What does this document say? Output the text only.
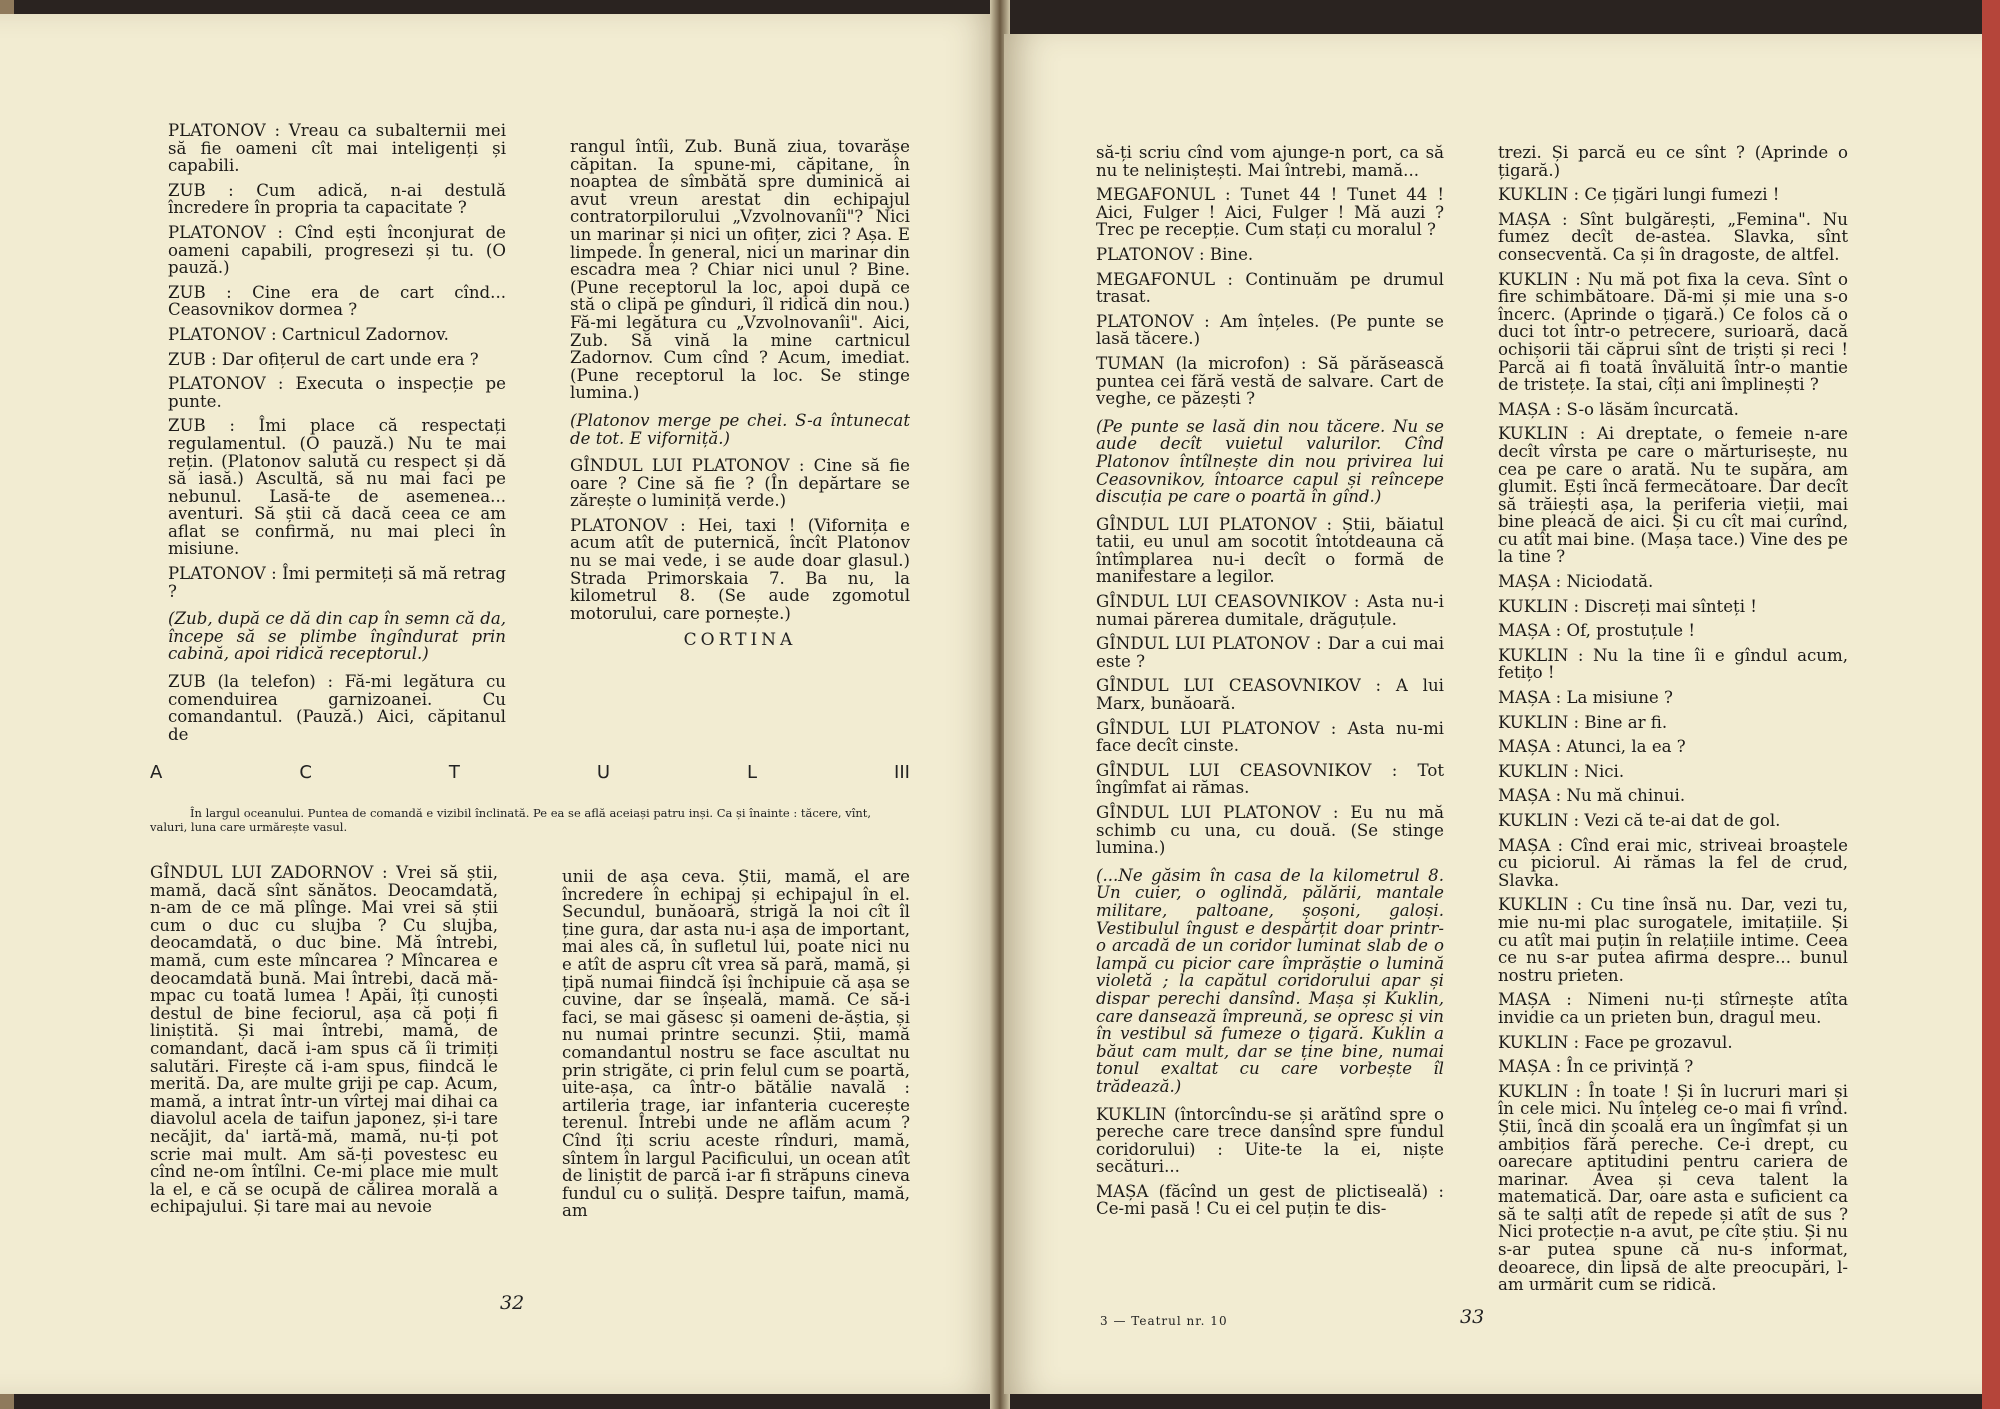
PLATONOV : Vreau ca subalternii mei să fie oameni cît mai inteligenți și capabili.

ZUB : Cum adică, n-ai destulă încredere în propria ta capacitate ?

PLATONOV : Cînd ești înconjurat de oameni capabili, progresezi și tu. (O pauză.)

ZUB : Cine era de cart cînd... Ceasovnikov dormea ?

PLATONOV : Cartnicul Zadornov.

ZUB : Dar ofițerul de cart unde era ?

PLATONOV : Executa o inspecție pe punte.

ZUB : Îmi place că respectați regulamentul. (O pauză.) Nu te mai rețin. (Platonov salută cu respect și dă să iasă.) Ascultă, să nu mai faci pe nebunul. Lasă-te de asemenea... aventuri. Să știi că dacă ceea ce am aflat se confirmă, nu mai pleci în misiune.

PLATONOV : Îmi permiteți să mă retrag ?

(Zub, după ce dă din cap în semn că da, începe să se plimbe îngîndurat prin cabină, apoi ridică receptorul.)

ZUB (la telefon) : Fă-mi legătura cu comenduirea garnizoanei. Cu comandantul. (Pauză.) Aici, căpitanul de

rangul întîi, Zub. Bună ziua, tovarășe căpitan. Ia spune-mi, căpitane, în noaptea de sîmbătă spre duminică ai avut vreun arestat din echipajul contratorpilorului „Vzvolnovanîi"? Nici un marinar și nici un ofițer, zici ? Așa. E limpede. În general, nici un marinar din escadra mea ? Chiar nici unul ? Bine. (Pune receptorul la loc, apoi după ce stă o clipă pe gînduri, îl ridică din nou.) Fă-mi legătura cu „Vzvolnovanîi". Aici, Zub. Să vină la mine cartnicul Zadornov. Cum cînd ? Acum, imediat. (Pune receptorul la loc. Se stinge lumina.)

(Platonov merge pe chei. S-a întunecat de tot. E viforniță.)

GÎNDUL LUI PLATONOV : Cine să fie oare ? Cine să fie ? (În depărtare se zărește o luminiță verde.)

PLATONOV : Hei, taxi ! (Vifornița e acum atît de puternică, încît Platonov nu se mai vede, i se aude doar glasul.) Strada Primorskaia 7. Ba nu, la kilometrul 8. (Se aude zgomotul motorului, care pornește.)

CORTINA

A	C	T	U	L	III
În largul oceanului. Puntea de comandă e vizibil înclinată. Pe ea se află aceiași patru inși. Ca și înainte : tăcere, vînt, valuri, luna care urmărește vasul.

GÎNDUL LUI ZADORNOV : Vrei să știi, mamă, dacă sînt sănătos. Deocamdată, n-am de ce mă plînge. Mai vrei să știi cum o duc cu slujba ? Cu slujba, deocamdată, o duc bine. Mă întrebi, mamă, cum este mîncarea ? Mîncarea e deocamdată bună. Mai întrebi, dacă mă-mpac cu toată lumea ! Apăi, îți cunoști destul de bine feciorul, așa că poți fi liniștită. Și mai întrebi, mamă, de comandant, dacă i-am spus că îi trimiți salutări. Firește că i-am spus, fiindcă le merită. Da, are multe griji pe cap. Acum, mamă, a intrat într-un vîrtej mai dihai ca diavolul acela de taifun japonez, și-i tare necăjit, da' iartă-mă, mamă, nu-ți pot scrie mai mult. Am să-ți povestesc eu cînd ne-om întîlni. Ce-mi place mie mult la el, e că se ocupă de călirea morală a echipajului. Și tare mai au nevoie

unii de așa ceva. Știi, mamă, el are încredere în echipaj și echipajul în el. Secundul, bunăoară, strigă la noi cît îl ține gura, dar asta nu-i așa de important, mai ales că, în sufletul lui, poate nici nu e atît de aspru cît vrea să pară, mamă, și țipă numai fiindcă își închipuie că așa se cuvine, dar se înșeală, mamă. Ce să-i faci, se mai găsesc și oameni de-ăștia, și nu numai printre secunzi. Știi, mamă comandantul nostru se face ascultat nu prin strigăte, ci prin felul cum se poartă, uite-așa, ca într-o bătălie navală : artileria trage, iar infanteria cucerește terenul. Întrebi unde ne aflăm acum ? Cînd îți scriu aceste rînduri, mamă, sîntem în largul Pacificului, un ocean atît de liniștit de parcă i-ar fi străpuns cineva fundul cu o suliță. Despre taifun, mamă, am

32

să-ți scriu cînd vom ajunge-n port, ca să nu te neliniștești. Mai întrebi, mamă...

MEGAFONUL : Tunet 44 ! Tunet 44 ! Aici, Fulger ! Aici, Fulger ! Mă auzi ? Trec pe recepție. Cum stați cu moralul ?

PLATONOV : Bine.

MEGAFONUL : Continuăm pe drumul trasat.

PLATONOV : Am înțeles. (Pe punte se lasă tăcere.)

TUMAN (la microfon) : Să părăsească puntea cei fără vestă de salvare. Cart de veghe, ce păzești ?

(Pe punte se lasă din nou tăcere. Nu se aude decît vuietul valurilor. Cînd Platonov întîlnește din nou privirea lui Ceasovnikov, întoarce capul și reîncepe discuția pe care o poartă în gînd.)

GÎNDUL LUI PLATONOV : Știi, băiatul tatii, eu unul am socotit întotdeauna că întîmplarea nu-i decît o formă de manifestare a legilor.

GÎNDUL LUI CEASOVNIKOV : Asta nu-i numai părerea dumitale, drăguțule.

GÎNDUL LUI PLATONOV : Dar a cui mai este ?

GÎNDUL LUI CEASOVNIKOV : A lui Marx, bunăoară.

GÎNDUL LUI PLATONOV : Asta nu-mi face decît cinste.

GÎNDUL LUI CEASOVNIKOV : Tot îngîmfat ai rămas.

GÎNDUL LUI PLATONOV : Eu nu mă schimb cu una, cu două. (Se stinge lumina.)

(...Ne găsim în casa de la kilometrul 8. Un cuier, o oglindă, pălării, mantale militare, paltoane, șoșoni, galoși. Vestibulul îngust e despărțit doar printr-o arcadă de un coridor luminat slab de o lampă cu picior care împrăștie o lumină violetă ; la capătul coridorului apar și dispar perechi dansînd. Mașa și Kuklin, care dansează împreună, se opresc și vin în vestibul să fumeze o țigară. Kuklin a băut cam mult, dar se ține bine, numai tonul exaltat cu care vorbește îl trădează.)

KUKLIN (întorcîndu-se și arătînd spre o pereche care trece dansînd spre fundul coridorului) : Uite-te la ei, niște secături...

MAȘA (făcînd un gest de plictiseală) : Ce-mi pasă ! Cu ei cel puțin te dis-

trezi. Și parcă eu ce sînt ? (Aprinde o țigară.)

KUKLIN : Ce țigări lungi fumezi !

MAȘA : Sînt bulgărești, „Femina". Nu fumez decît de-astea. Slavka, sînt consecventă. Ca și în dragoste, de altfel.

KUKLIN : Nu mă pot fixa la ceva. Sînt o fire schimbătoare. Dă-mi și mie una s-o încerc. (Aprinde o țigară.) Ce folos că o duci tot într-o petrecere, surioară, dacă ochișorii tăi căprui sînt de triști și reci ! Parcă ai fi toată învăluită într-o mantie de tristețe. Ia stai, cîți ani împlinești ?

MAȘA : S-o lăsăm încurcată.

KUKLIN : Ai dreptate, o femeie n-are decît vîrsta pe care o mărturisește, nu cea pe care o arată. Nu te supăra, am glumit. Ești încă fermecătoare. Dar decît să trăiești așa, la periferia vieții, mai bine pleacă de aici. Și cu cît mai curînd, cu atît mai bine. (Mașa tace.) Vine des pe la tine ?

MAȘA : Niciodată.

KUKLIN : Discreți mai sînteți !

MAȘA : Of, prostuțule !

KUKLIN : Nu la tine îi e gîndul acum, fetițo !

MAȘA : La misiune ?

KUKLIN : Bine ar fi.

MAȘA : Atunci, la ea ?

KUKLIN : Nici.

MAȘA : Nu mă chinui.

KUKLIN : Vezi că te-ai dat de gol.

MAȘA : Cînd erai mic, striveai broaștele cu piciorul. Ai rămas la fel de crud, Slavka.

KUKLIN : Cu tine însă nu. Dar, vezi tu, mie nu-mi plac surogatele, imitațiile. Și cu atît mai puțin în relațiile intime. Ceea ce nu s-ar putea afirma despre... bunul nostru prieten.

MAȘA : Nimeni nu-ți stîrnește atîta invidie ca un prieten bun, dragul meu.

KUKLIN : Face pe grozavul.

MAȘA : În ce privință ?

KUKLIN : În toate ! Și în lucruri mari și în cele mici. Nu înțeleg ce-o mai fi vrînd. Știi, încă din școală era un îngîmfat și un ambițios fără pereche. Ce-i drept, cu oarecare aptitudini pentru cariera de marinar. Avea și ceva talent la matematică. Dar, oare asta e suficient ca să te salți atît de repede și atît de sus ? Nici protecție n-a avut, pe cîte știu. Și nu s-ar putea spune că nu-s informat, deoarece, din lipsă de alte preocupări, l-am urmărit cum se ridică.

3 — Teatrul nr. 10	33
